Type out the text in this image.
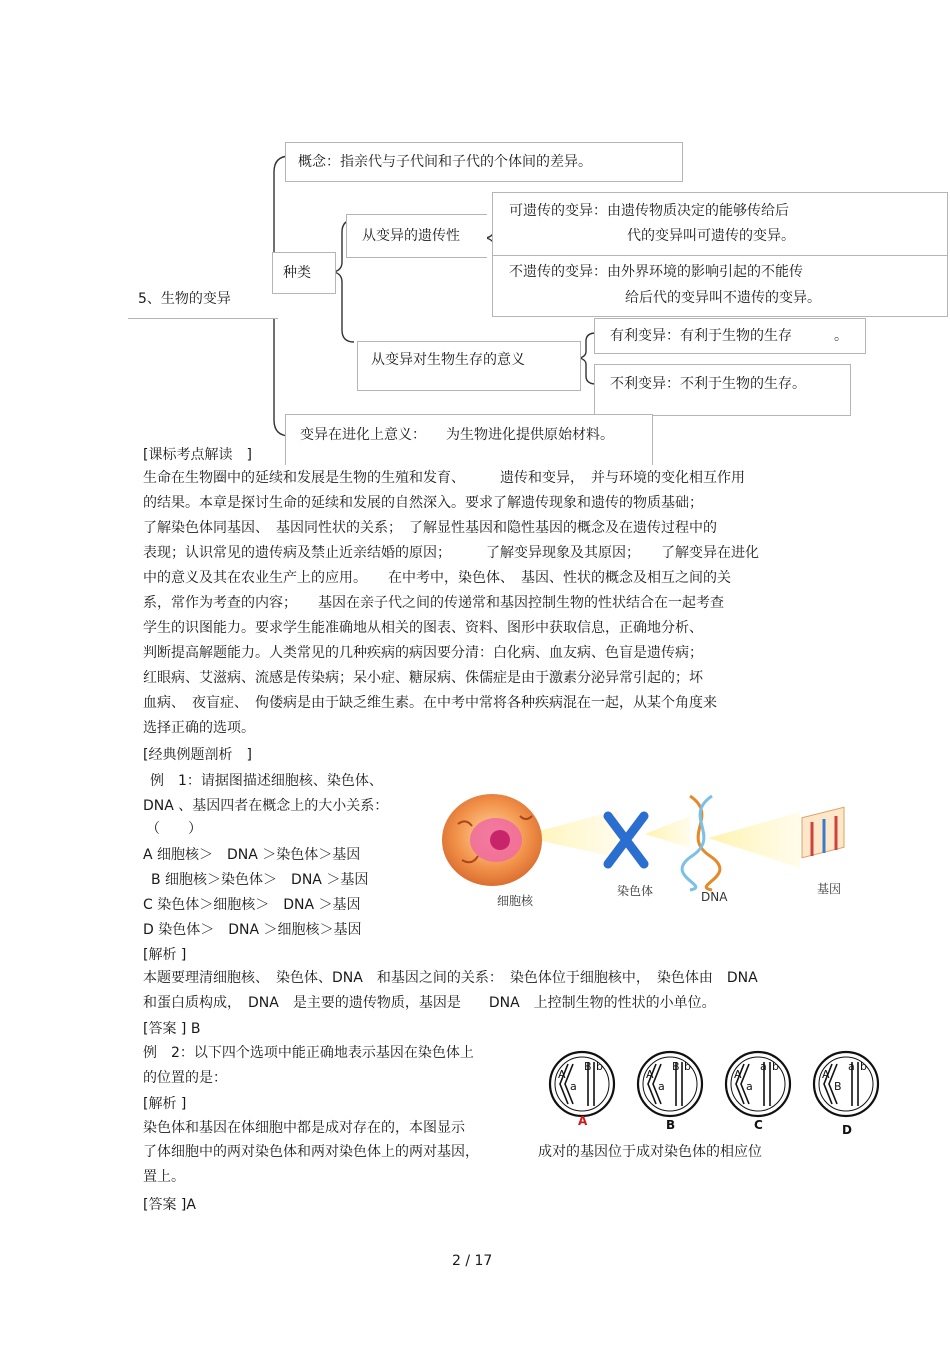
概念：指亲代与子代间和子代的个体间的差异。
5、生物的变异
种类
从变异的遗传性
可遗传的变异：由遗传物质决定的能够传给后
代的变异叫可遗传的变异。
不遗传的变异：由外界环境的影响引起的不能传
给后代的变异叫不遗传的变异。
从变异对生物生存的意义
有利变异：有利于生物的生存	。
不利变异：不利于生物的生存。
变异在进化上意义： 为生物进化提供原始材料。
[课标考点解读　]
生命在生物圈中的延续和发展是生物的生殖和发育、　　　遗传和变异，　并与环境的变化相互作用
的结果。本章是探讨生命的延续和发展的自然深入。要求了解遗传现象和遗传的物质基础；
了解染色体同基因、　基因同性状的关系；　了解显性基因和隐性基因的概念及在遗传过程中的
表现；认识常见的遗传病及禁止近亲结婚的原因；　　　了解变异现象及其原因；　　了解变异在进化
中的意义及其在农业生产上的应用。　　在中考中，染色体、　基因、性状的概念及相互之间的关
系，常作为考查的内容；　　基因在亲子代之间的传递常和基因控制生物的性状结合在一起考查
学生的识图能力。要求学生能准确地从相关的图表、资料、图形中获取信息，正确地分析、
判断提高解题能力。人类常见的几种疾病的病因要分清：白化病、血友病、色盲是遗传病；
红眼病、艾滋病、流感是传染病；呆小症、糖尿病、侏儒症是由于激素分泌异常引起的；坏
血病、　夜盲症、　佝偻病是由于缺乏维生素。在中考中常将各种疾病混在一起，从某个角度来
选择正确的选项。
[经典例题剖析　]
例　1：请据图描述细胞核、染色体、
DNA 、基因四者在概念上的大小关系：
（　　）
A 细胞核＞　DNA ＞染色体＞基因
B 细胞核＞染色体＞　DNA ＞基因
C 染色体＞细胞核＞　DNA ＞基因
D 染色体＞　DNA ＞细胞核＞基因
细胞核
染色体	DNA
基因
[解析 ]
本题要理清细胞核、　染色体、DNA　和基因之间的关系：　染色体位于细胞核中，　染色体由　DNA
和蛋白质构成，　DNA　是主要的遗传物质，基因是　　DNA　上控制生物的性状的小单位。
[答案 ] B
例　2：以下四个选项中能正确地表示基因在染色体上
的位置的是：
[解析 ]
染色体和基因在体细胞中都是成对存在的，本图显示
了体细胞中的两对染色体和两对染色体上的两对基因，	成对的基因位于成对染色体的相应位
置上。
[答案 ]A
A
a
B b
A
a
B b
A
a
a b
A
B
a b
A	B	C	D
2 / 17
